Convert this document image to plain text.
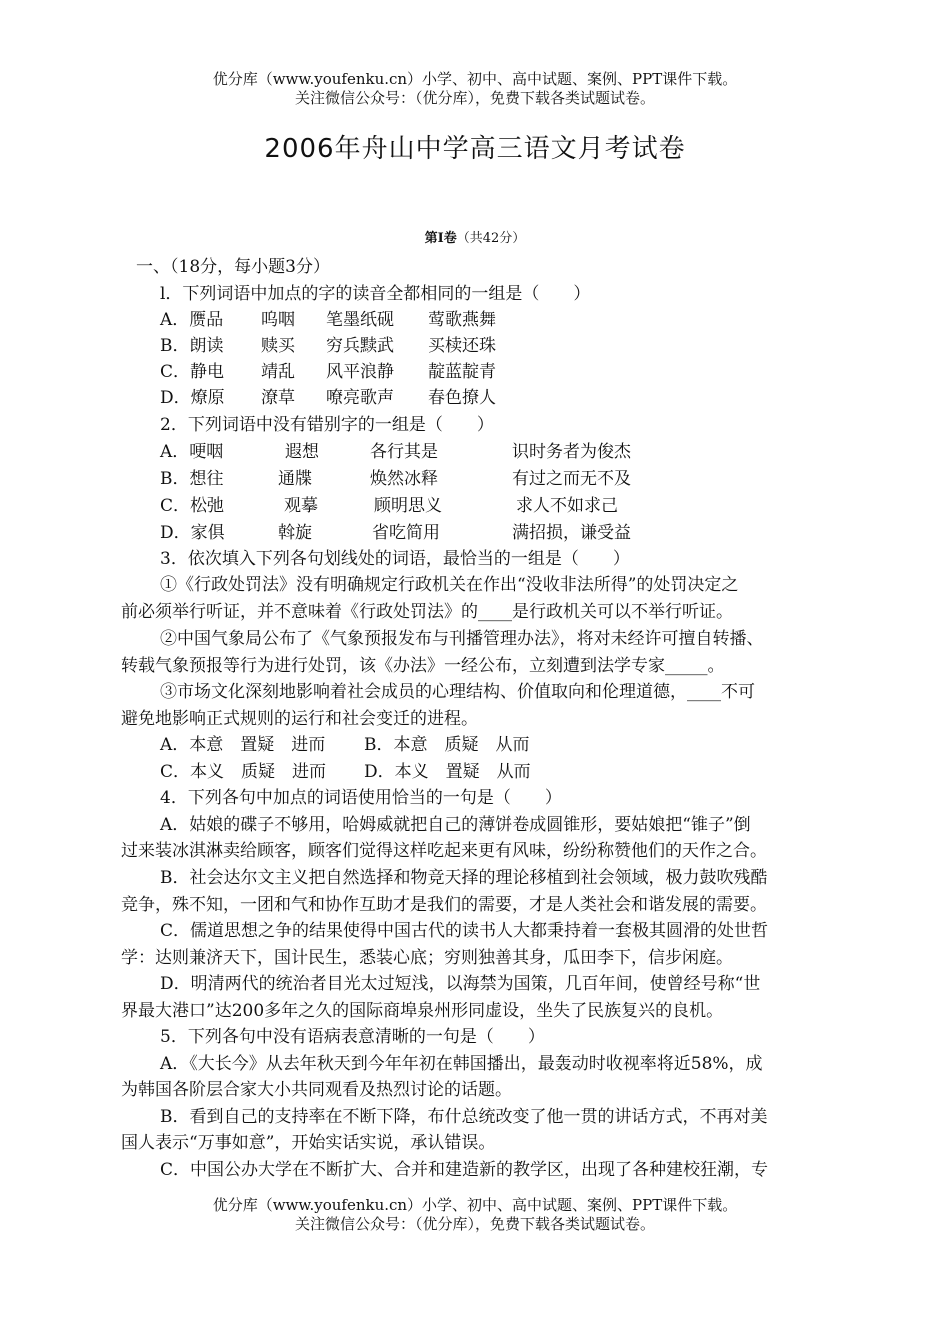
优分库（www.youfenku.cn）小学、初中、高中试题、案例、PPT课件下载。
关注微信公众号：（优分库），免费下载各类试题试卷。
2006年舟山中学高三语文月考试卷
第Ⅰ卷（共42分）
一、（18分，每小题3分）
l．下列词语中加点的字的读音全都相同的一组是（　　）
A．赝品 呜咽 笔墨纸砚 莺歌燕舞
B．朗读 赎买 穷兵黩武 买椟还珠
C．静电 靖乱 风平浪静 靛蓝靛青
D．燎原 潦草 嘹亮歌声 春色撩人
2．下列词语中没有错别字的一组是（　　）
A．哽咽	遐想	各行其是	识时务者为俊杰
B．想往	通牒	焕然冰释	有过之而无不及
C．松弛	观摹	顾明思义	求人不如求己
D．家俱	斡旋	省吃简用	满招损，谦受益
3．依次填入下列各句划线处的词语，最恰当的一组是（　　）
①《行政处罚法》没有明确规定行政机关在作出“没收非法所得”的处罚决定之
前必须举行听证，并不意味着《行政处罚法》的____是行政机关可以不举行听证。
②中国气象局公布了《气象预报发布与刊播管理办法》，将对未经许可擅自转播、
转载气象预报等行为进行处罚，该《办法》一经公布，立刻遭到法学专家_____。
③市场文化深刻地影响着社会成员的心理结构、价值取向和伦理道德，____不可
避免地影响正式规则的运行和社会变迁的进程。
A．本意　置疑　进而 B．本意　质疑　从而
C．本义　质疑　进而 D．本义　置疑　从而
4．下列各句中加点的词语使用恰当的一句是（　　）
A．姑娘的碟子不够用，哈姆威就把自己的薄饼卷成圆锥形，要姑娘把“锥子”倒
过来装冰淇淋卖给顾客，顾客们觉得这样吃起来更有风味，纷纷称赞他们的天作之合。
B．社会达尔文主义把自然选择和物竞天择的理论移植到社会领域，极力鼓吹残酷
竞争，殊不知，一团和气和协作互助才是我们的需要，才是人类社会和谐发展的需要。
C．儒道思想之争的结果使得中国古代的读书人大都秉持着一套极其圆滑的处世哲
学：达则兼济天下，国计民生，悉装心底；穷则独善其身，瓜田李下，信步闲庭。
D．明清两代的统治者目光太过短浅，以海禁为国策，几百年间，使曾经号称“世
界最大港口”达200多年之久的国际商埠泉州形同虚设，坐失了民族复兴的良机。
5．下列各句中没有语病表意清晰的一句是（　　）
A．《大长今》从去年秋天到今年年初在韩国播出，最轰动时收视率将近58%，成
为韩国各阶层合家大小共同观看及热烈讨论的话题。
B．看到自己的支持率在不断下降，布什总统改变了他一贯的讲话方式，不再对美
国人表示“万事如意”，开始实话实说，承认错误。
C．中国公办大学在不断扩大、合并和建造新的教学区，出现了各种建校狂潮，专
优分库（www.youfenku.cn）小学、初中、高中试题、案例、PPT课件下载。
关注微信公众号：（优分库），免费下载各类试题试卷。
